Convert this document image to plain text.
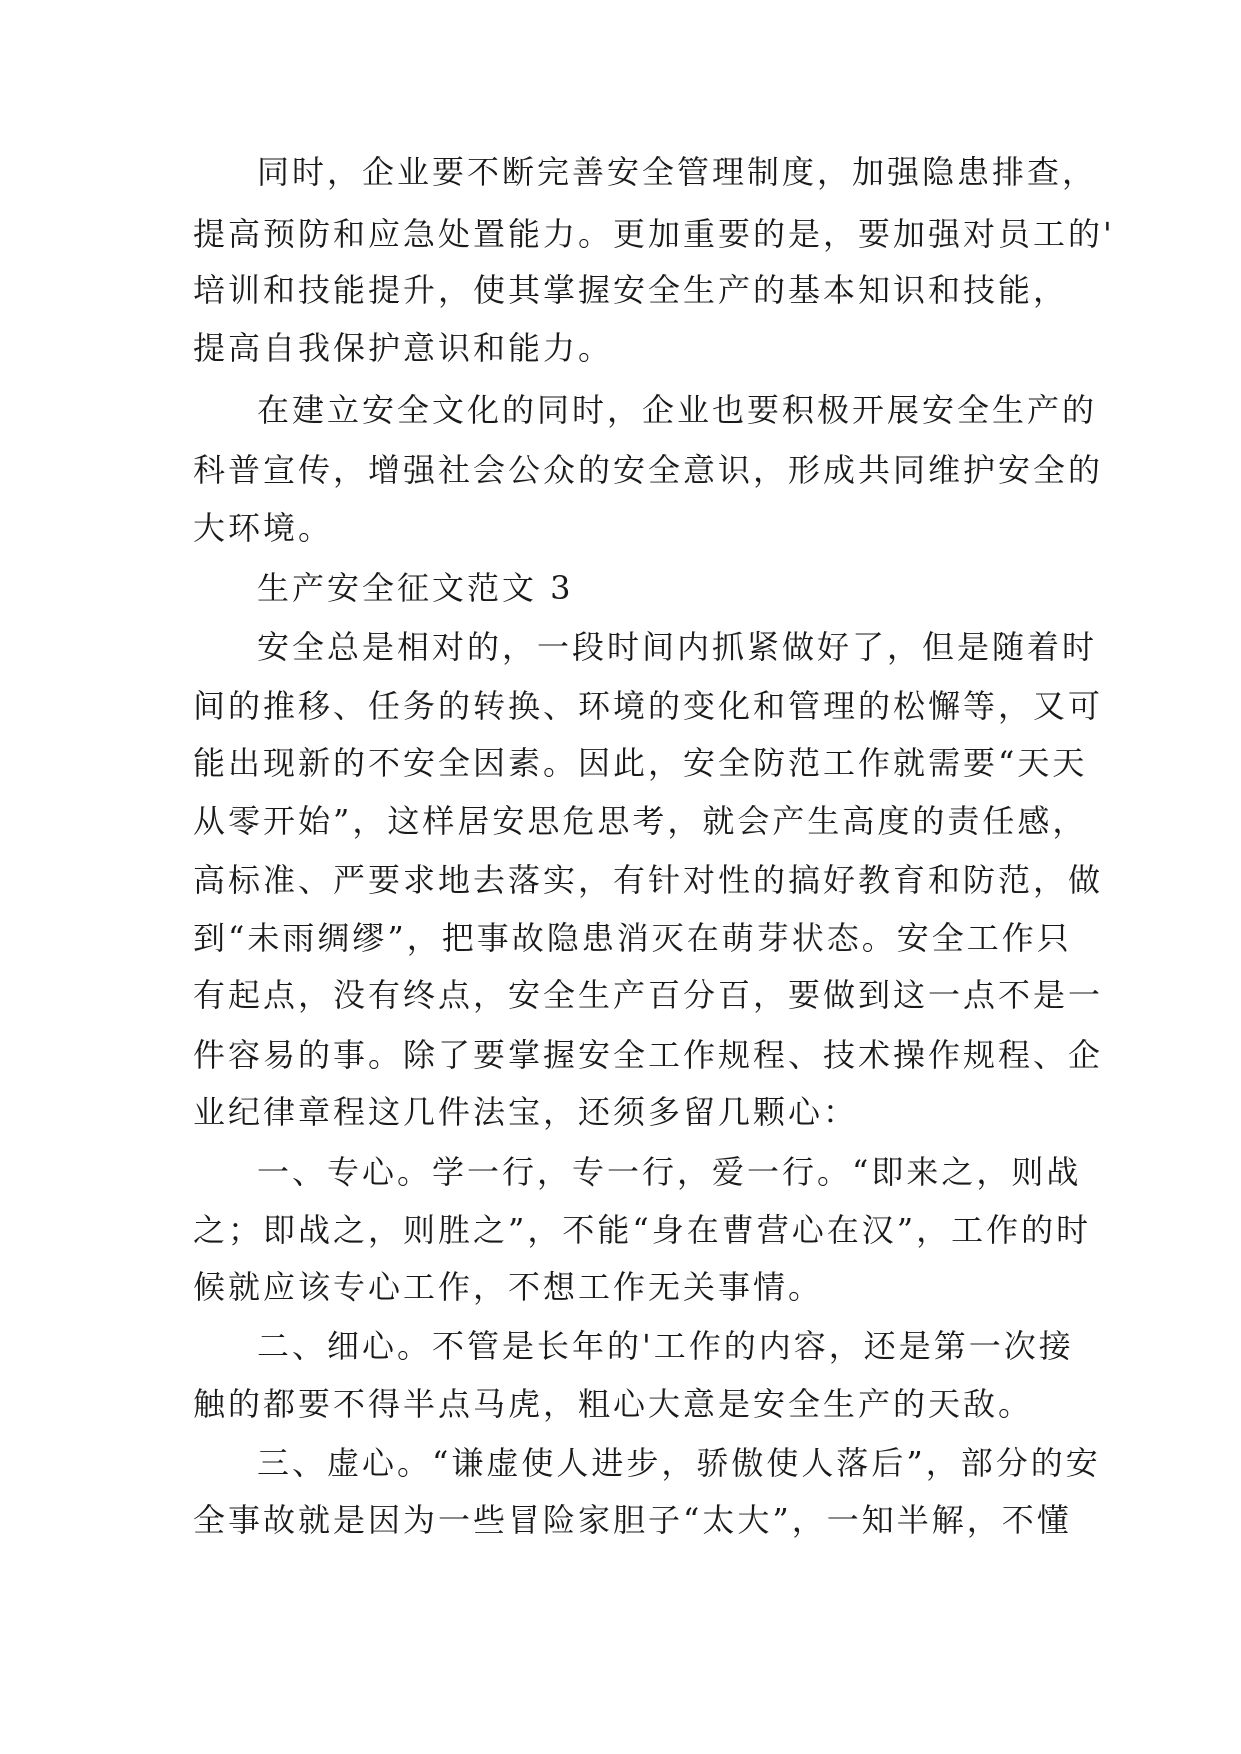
同时，企业要不断完善安全管理制度，加强隐患排查，
提高预防和应急处置能力。更加重要的是，要加强对员工的'
培训和技能提升，使其掌握安全生产的基本知识和技能，
提高自我保护意识和能力。
在建立安全文化的同时，企业也要积极开展安全生产的
科普宣传，增强社会公众的安全意识，形成共同维护安全的
大环境。
生产安全征文范文 3
安全总是相对的，一段时间内抓紧做好了，但是随着时
间的推移、任务的转换、环境的变化和管理的松懈等，又可
能出现新的不安全因素。因此，安全防范工作就需要“天天
从零开始”，这样居安思危思考，就会产生高度的责任感，
高标准、严要求地去落实，有针对性的搞好教育和防范，做
到“未雨绸缪”，把事故隐患消灭在萌芽状态。安全工作只
有起点，没有终点，安全生产百分百，要做到这一点不是一
件容易的事。除了要掌握安全工作规程、技术操作规程、企
业纪律章程这几件法宝，还须多留几颗心：
一、专心。学一行，专一行，爱一行。“即来之，则战
之；即战之，则胜之”，不能“身在曹营心在汉”，工作的时
候就应该专心工作，不想工作无关事情。
二、细心。不管是长年的'工作的内容，还是第一次接
触的都要不得半点马虎，粗心大意是安全生产的天敌。
三、虚心。“谦虚使人进步，骄傲使人落后”，部分的安
全事故就是因为一些冒险家胆子“太大”，一知半解，不懂
